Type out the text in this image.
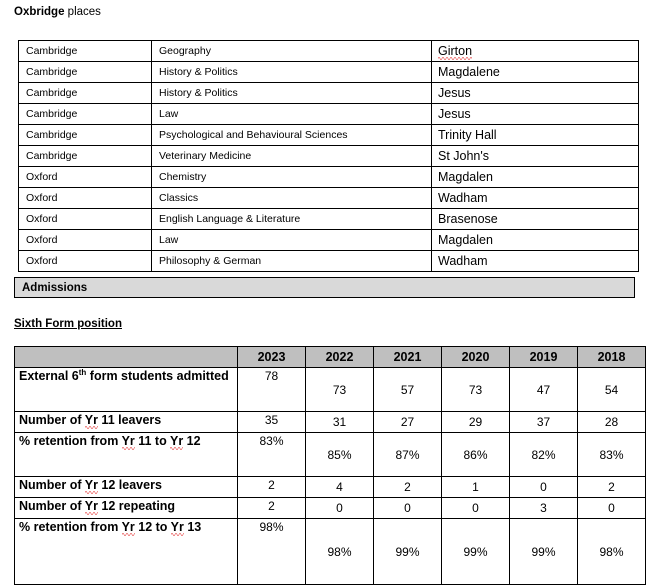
Oxbridge places
Cambridge	Geography	Girton
Cambridge	History & Politics	Magdalene
Cambridge	History & Politics	Jesus
Cambridge	Law	Jesus
Cambridge	Psychological and Behavioural Sciences	Trinity Hall
Cambridge	Veterinary Medicine	St John's
Oxford	Chemistry	Magdalen
Oxford	Classics	Wadham
Oxford	English Language & Literature	Brasenose
Oxford	Law	Magdalen
Oxford	Philosophy & German	Wadham
Admissions
Sixth Form position
	2023	2022	2021	2020	2019	2018
External 6th form students admitted	78	73	57	73	47	54
Number of Yr 11 leavers	35	31	27	29	37	28
% retention from Yr 11 to Yr 12	83%	85%	87%	86%	82%	83%
Number of Yr 12 leavers	2	4	2	1	0	2
Number of Yr 12 repeating	2	0	0	0	3	0
% retention from Yr 12 to Yr 13	98%	98%	99%	99%	99%	98%
